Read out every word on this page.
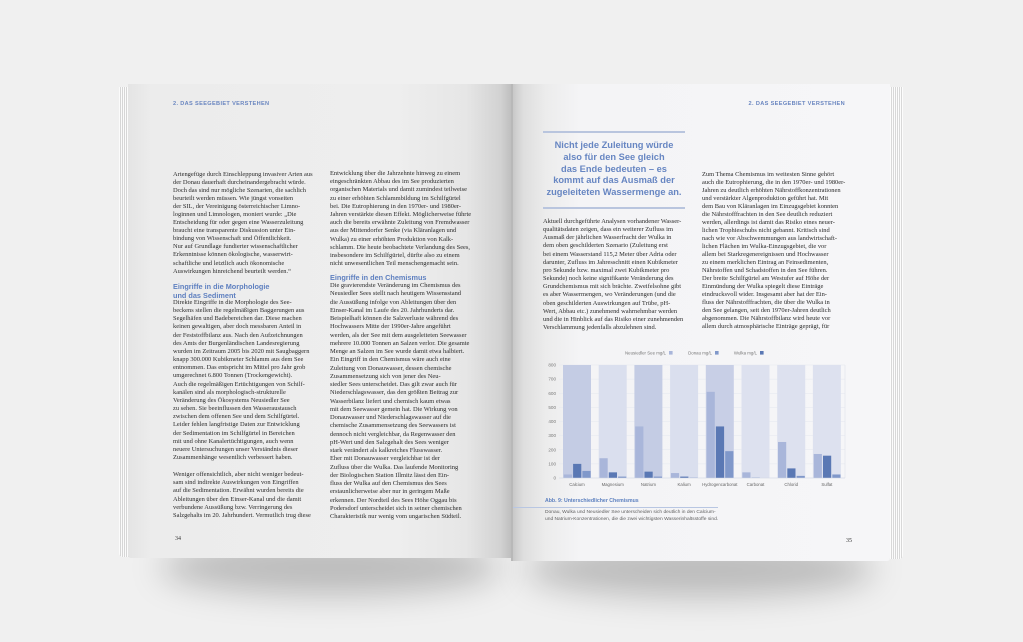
2. DAS SEEGEBIET VERSTEHEN
Artengefüge durch Einschleppung invasiver Arten aus
der Donau dauerhaft durcheinandergebracht würde.
Doch das sind nur mögliche Szenarien, die sachlich
beurteilt werden müssen. Wie jüngst vonseiten
der SIL, der Vereinigung österreichischer Limno-
loginnen und Limnologen, moniert wurde: „Die
Entscheidung für oder gegen eine Wasserzuleitung
braucht eine transparente Diskussion unter Ein-
bindung von Wissenschaft und Öffentlichkeit.
Nur auf Grundlage fundierter wissenschaftlicher
Erkenntnisse können ökologische, wasserwirt-
schaftliche und letztlich auch ökonomische
Auswirkungen hinreichend beurteilt werden.“
Eingriffe in die Morphologie
und das Sediment
Direkte Eingriffe in die Morphologie des See-
beckens stellen die regelmäßigen Baggerungen aus
Segelhäfen und Badebereichen dar. Diese machen
keinen gewaltigen, aber doch messbaren Anteil in
der Feststoffbilanz aus. Nach den Aufzeichnungen
des Amts der Burgenländischen Landesregierung
wurden im Zeitraum 2005 bis 2020 mit Saugbaggern
knapp 300.000 Kubikmeter Schlamm aus dem See
entnommen. Das entspricht im Mittel pro Jahr grob
umgerechnet 6.800 Tonnen (Trockengewicht).
Auch die regelmäßigen Ertüchtigungen von Schilf-
kanälen sind als morphologisch-strukturelle
Veränderung des Ökosystems Neusiedler See
zu sehen. Sie beeinflussen den Wasseraustausch
zwischen dem offenen See und dem Schilfgürtel.
Leider fehlen langfristige Daten zur Entwicklung
der Sedimentation im Schilfgürtel in Bereichen
mit und ohne Kanalertüchtigungen, auch wenn
neuere Untersuchungen unser Verständnis dieser
Zusammenhänge wesentlich verbessert haben.
Weniger offensichtlich, aber nicht weniger bedeut-
sam sind indirekte Auswirkungen von Eingriffen
auf die Sedimentation. Erwähnt wurden bereits die
Ableitungen über den Einser-Kanal und die damit
verbundene Aussüßung bzw. Verringerung des
Salzgehalts im 20. Jahrhundert. Vermutlich trug diese
Entwicklung über die Jahrzehnte hinweg zu einem
eingeschränkten Abbau des im See produzierten
organischen Materials und damit zumindest teilweise
zu einer erhöhten Schlammbildung im Schilfgürtel
bei. Die Eutrophierung in den 1970er- und 1980er-
Jahren verstärkte diesen Effekt. Möglicherweise führte
auch die bereits erwähnte Zuleitung von Fremdwasser
aus der Mittendorfer Senke (via Kläranlagen und
Wulka) zu einer erhöhten Produktion von Kalk-
schlamm. Die heute beobachtete Verlandung des Sees,
insbesondere im Schilfgürtel, dürfte also zu einem
nicht unwesentlichen Teil menschengemacht sein.
Eingriffe in den Chemismus
Die gravierendste Veränderung im Chemismus des
Neusiedler Sees stellt nach heutigem Wissensstand
die Aussüßung infolge von Ableitungen über den
Einser-Kanal im Laufe des 20. Jahrhunderts dar.
Beispielhaft können die Salzverluste während des
Hochwassers Mitte der 1990er-Jahre angeführt
werden, als der See mit dem ausgeleiteten Seewasser
mehrere 10.000 Tonnen an Salzen verlor. Die gesamte
Menge an Salzen im See wurde damit etwa halbiert.
Ein Eingriff in den Chemismus wäre auch eine
Zuleitung von Donauwasser, dessen chemische
Zusammensetzung sich von jener des Neu-
siedler Sees unterscheidet. Das gilt zwar auch für
Niederschlagswasser, das den größten Beitrag zur
Wasserbilanz liefert und chemisch kaum etwas
mit dem Seewasser gemein hat. Die Wirkung von
Donauwasser und Niederschlagswasser auf die
chemische Zusammensetzung des Seewassers ist
dennoch nicht vergleichbar, da Regenwasser den
pH-Wert und den Salzgehalt des Sees weniger
stark verändert als kalkreiches Flusswasser.
Eher mit Donauwasser vergleichbar ist der
Zufluss über die Wulka. Das laufende Monitoring
der Biologischen Station Illmitz lässt den Ein-
fluss der Wulka auf den Chemismus des Sees
erstaunlicherweise aber nur in geringem Maße
erkennen. Der Nordteil des Sees Höhe Oggau bis
Podersdorf unterscheidet sich in seiner chemischen
Charakteristik nur wenig vom ungarischen Südteil.
34
2. DAS SEEGEBIET VERSTEHEN
Nicht jede Zuleitung würde
also für den See gleich
das Ende bedeuten – es
kommt auf das Ausmaß der
zugeleiteten Wassermenge an.
Aktuell durchgeführte Analysen vorhandener Wasser-
qualitätsdaten zeigen, dass ein weiterer Zufluss im
Ausmaß der jährlichen Wasserfracht der Wulka in
dem oben geschilderten Szenario (Zuleitung erst
bei einem Wasserstand 115,2 Meter über Adria oder
darunter, Zufluss im Jahresschnitt einen Kubikmeter
pro Sekunde bzw. maximal zwei Kubikmeter pro
Sekunde) noch keine signifikante Veränderung des
Grundchemismus mit sich brächte. Zweifelsohne gibt
es aber Wassermengen, wo Veränderungen (und die
oben geschilderten Auswirkungen auf Trübe, pH-
Wert, Abbau etc.) zunehmend wahrnehmbar werden
und die in Hinblick auf das Risiko einer zunehmenden
Verschlammung jedenfalls abzulehnen sind.
Zum Thema Chemismus im weitesten Sinne gehört
auch die Eutrophierung, die in den 1970er- und 1980er-
Jahren zu deutlich erhöhten Nährstoffkonzentrationen
und verstärkter Algenproduktion geführt hat. Mit
dem Bau von Kläranlagen im Einzugsgebiet konnten
die Nährstofffrachten in den See deutlich reduziert
werden, allerdings ist damit das Risiko eines neuer-
lichen Trophieschubs nicht gebannt. Kritisch sind
nach wie vor Abschwemmungen aus landwirtschaft-
lichen Flächen im Wulka-Einzugsgebiet, die vor
allem bei Starkregenereignissen und Hochwasser
zu einem merklichen Eintrag an Feinsedimenten,
Nährstoffen und Schadstoffen in den See führen.
Der breite Schilfgürtel am Westufer auf Höhe der
Einmündung der Wulka spiegelt diese Einträge
eindrucksvoll wider. Insgesamt aber hat der Ein-
fluss der Nährstofffrachten, die über die Wulka in
den See gelangen, seit den 1970er-Jahren deutlich
abgenommen. Die Nährstoffbilanz wird heute vor
allem durch atmosphärische Einträge geprägt, für
0
100
200
300
400
500
600
700
800
Calcium	Magnesium	Natrium	Kalium	Hydrogencarbonat Carbonat	Chlorid	Sulfat
Neusiedler See mg/L	Donau mg/L	Wulka mg/L
Abb. 9: Unterschiedlicher Chemismus
Donau, Wulka und Neusiedler See unterscheiden sich deutlich in den Calcium-
und Natrium-Konzentrationen, die die zwei wichtigsten Wasserinhaltsstoffe sind.
35
